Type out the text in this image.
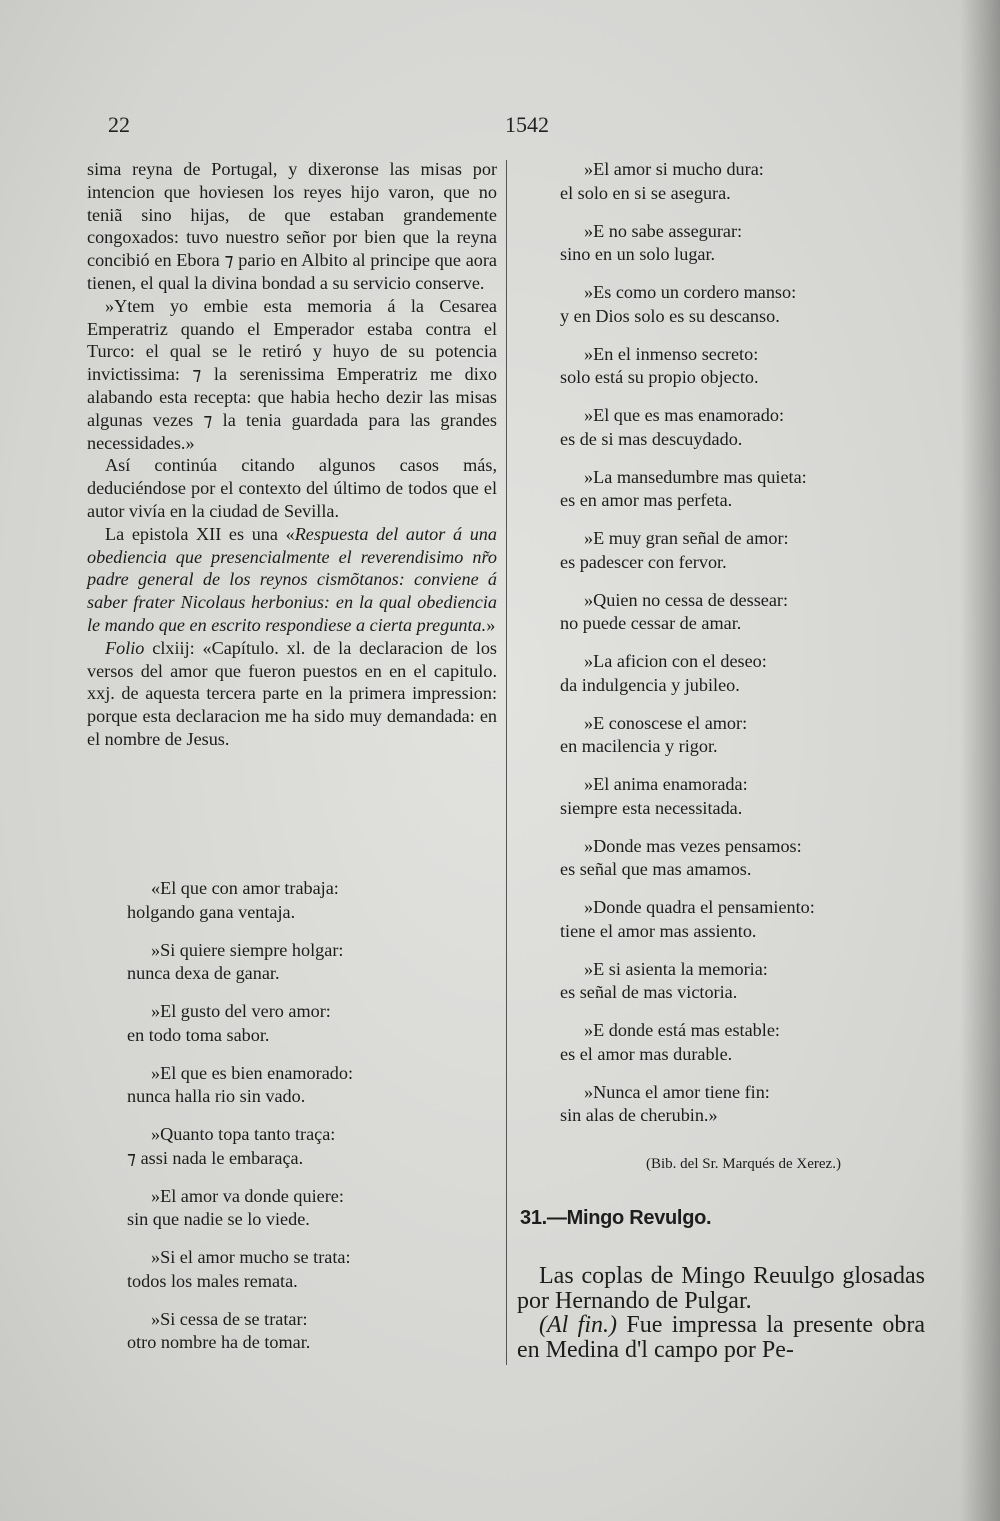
22	1542

sima reyna de Portugal, y dixeronse las misas por intencion que hoviesen los reyes hijo varon, que no teniã sino hijas, de que estaban grandemente congoxados: tuvo nuestro señor por bien que la reyna concibió en Ebora ⁊ pario en Albito al principe que aora tienen, el qual la divina bondad a su servicio conserve.

»Ytem yo embie esta memoria á la Cesarea Emperatriz quando el Emperador estaba contra el Turco: el qual se le retiró y huyo de su potencia invictissima: ⁊ la serenissima Emperatriz me dixo alabando esta recepta: que habia hecho dezir las misas algunas vezes ⁊ la tenia guardada para las grandes necessidades.»

Así continúa citando algunos casos más, deduciéndose por el contexto del último de todos que el autor vivía en la ciudad de Sevilla.

La epistola XII es una «Respuesta del autor á una obediencia que presencialmente el reverendisimo nr̃o padre general de los reynos cismõtanos: conviene á saber frater Nicolaus herbonius: en la qual obediencia le mando que en escrito respondiese a cierta pregunta.»

Folio clxiij: «Capítulo. xl. de la declaracion de los versos del amor que fueron puestos en en el capitulo. xxj. de aquesta tercera parte en la primera impression: porque esta declaracion me ha sido muy demandada: en el nombre de Jesus.

«El que con amor trabaja:
holgando gana ventaja.
»Si quiere siempre holgar:
nunca dexa de ganar.
»El gusto del vero amor:
en todo toma sabor.
»El que es bien enamorado:
nunca halla rio sin vado.
»Quanto topa tanto traça:
⁊ assi nada le embaraça.
»El amor va donde quiere:
sin que nadie se lo viede.
»Si el amor mucho se trata:
todos los males remata.
»Si cessa de se tratar:
otro nombre ha de tomar.
»El amor si mucho dura:
el solo en si se asegura.
»E no sabe assegurar:
sino en un solo lugar.
»Es como un cordero manso:
y en Dios solo es su descanso.
»En el inmenso secreto:
solo está su propio objecto.
»El que es mas enamorado:
es de si mas descuydado.
»La mansedumbre mas quieta:
es en amor mas perfeta.
»E muy gran señal de amor:
es padescer con fervor.
»Quien no cessa de dessear:
no puede cessar de amar.
»La aficion con el deseo:
da indulgencia y jubileo.
»E conoscese el amor:
en macilencia y rigor.
»El anima enamorada:
siempre esta necessitada.
»Donde mas vezes pensamos:
es señal que mas amamos.
»Donde quadra el pensamiento:
tiene el amor mas assiento.
»E si asienta la memoria:
es señal de mas victoria.
»E donde está mas estable:
es el amor mas durable.
»Nunca el amor tiene fin:
sin alas de cherubin.»
(Bib. del Sr. Marqués de Xerez.)
31.—Mingo Revulgo.

Las coplas de Mingo Reuulgo glosadas por Hernando de Pulgar.

(Al fin.) Fue impressa la presente obra en Medina d'l campo por Pe-
